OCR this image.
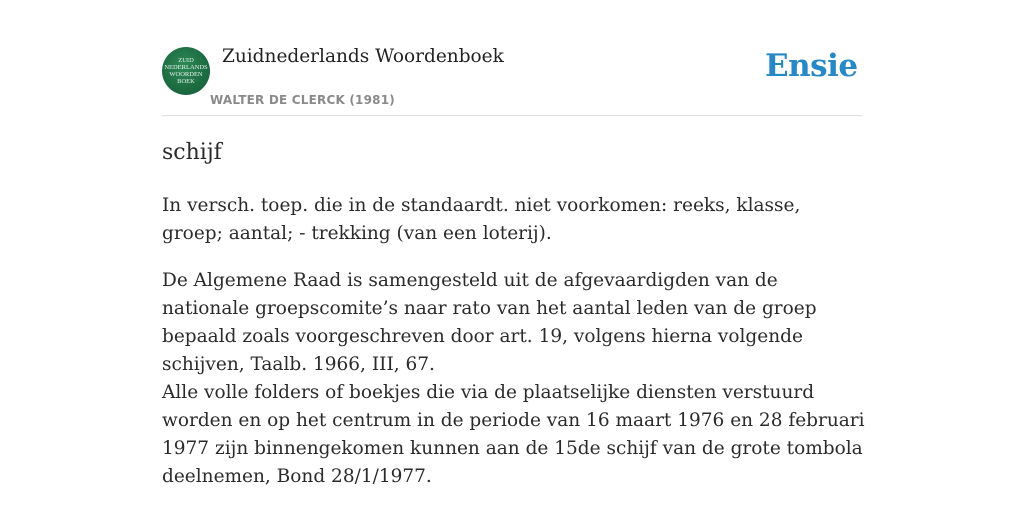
ZUID
NEDERLANDS
WOORDEN
BOEK
Zuidnederlands Woordenboek
WALTER DE CLERCK (1981)
Ensie
schijf

In versch. toep. die in de standaardt. niet voorkomen: reeks, klasse, groep; aantal; - trekking (van een loterij).

De Algemene Raad is samengesteld uit de afgevaardigden van de nationale groepscomite’s naar rato van het aantal leden van de groep bepaald zoals voorgeschreven door art. 19, volgens hierna volgende schijven, Taalb. 1966, III, 67.

Alle volle folders of boekjes die via de plaatselijke diensten verstuurd worden en op het centrum in de periode van 16 maart 1976 en 28 februari 1977 zijn binnengekomen kunnen aan de 15de schijf van de grote tombola deelnemen, Bond 28/1/1977.
